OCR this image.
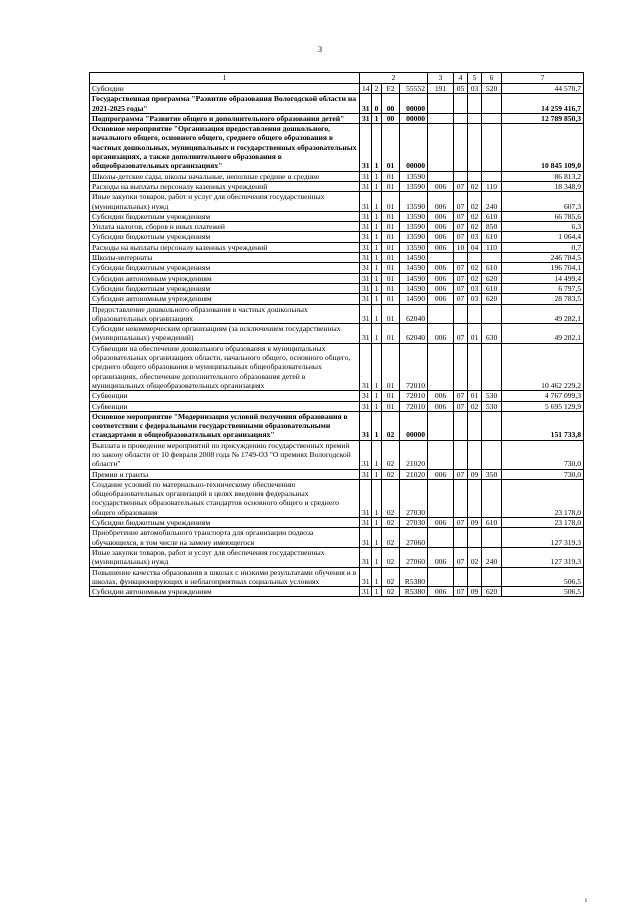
3
1	2				3	4	5	6	7
Субсидии	14	2	F2	55552	191	05	03	520	44 570,7
Государственная программа "Развитие образования Вологодской области на 2021-2025 годы"	31	0	00	00000					14 259 416,7
Подпрограмма "Развитие общего и дополнительного образования детей"	31	1	00	00000					12 789 850,3
Основное мероприятие "Организация предоставления дошкольного, начального общего, основного общего, среднего общего образования в частных дошкольных, муниципальных и государственных образовательных организациях, а также дополнительного образования в общеобразовательных организациях"	31	1	01	00000					10 845 109,0
Школы-детские сады, школы начальные, неполные средние и средние	31	1	01	13590					86 813,2
Расходы на выплаты персоналу казенных учреждений	31	1	01	13590	006	07	02	110	18 348,9
Иные закупки товаров, работ и услуг для обеспечения государственных (муниципальных) нужд	31	1	01	13590	006	07	02	240	607,3
Субсидии бюджетным учреждениям	31	1	01	13590	006	07	02	610	66 785,6
Уплата налогов, сборов и иных платежей	31	1	01	13590	006	07	02	850	6,3
Субсидии бюджетным учреждениям	31	1	01	13590	006	07	03	610	1 064,4
Расходы на выплаты персоналу казенных учреждений	31	1	01	13590	006	10	04	110	0,7
Школы-интернаты	31	1	01	14590					246 784,5
Субсидии бюджетным учреждениям	31	1	01	14590	006	07	02	610	196 704,1
Субсидии автономным учреждениям	31	1	01	14590	006	07	02	620	14 499,4
Субсидии бюджетным учреждениям	31	1	01	14590	006	07	03	610	6 797,5
Субсидии автономным учреждениям	31	1	01	14590	006	07	03	620	28 783,5
Предоставление дошкольного образования в частных дошкольных образовательных организациях	31	1	01	62040					49 282,1
Субсидии некоммерческим организациям (за исключением государственных (муниципальных) учреждений)	31	1	01	62040	006	07	01	630	49 282,1
Субвенции на обеспечение дошкольного образования в муниципальных образовательных организациях области, начального общего, основного общего, среднего общего образования в муниципальных общеобразовательных организациях, обеспечение дополнительного образования детей в муниципальных общеобразовательных организациях	31	1	01	72010					10 462 229,2
Субвенции	31	1	01	72010	006	07	01	530	4 767 099,3
Субвенции	31	1	01	72010	006	07	02	530	5 695 129,9
Основное мероприятие "Модернизация условий получения образования в соответствии с федеральными государственными образовательными стандартами в общеобразовательных организациях"	31	1	02	00000					151 733,8
Выплата и проведение мероприятий по присуждению государственных премий по закону области от 10 февраля 2008 года № 1749-ОЗ "О премиях Вологодской области"	31	1	02	21020					730,0
Премии и гранты	31	1	02	21020	006	07	09	350	730,0
Создание условий по материально-техническому обеспечению общеобразовательных организаций в целях введения федеральных государственных образовательных стандартов основного общего и среднего общего образования	31	1	02	27030					23 178,0
Субсидии бюджетным учреждениям	31	1	02	27030	006	07	09	610	23 178,0
Приобретение автомобильного транспорта для организации подвоза обучающихся, в том числе на замену имеющегося	31	1	02	27060					127 319,3
Иные закупки товаров, работ и услуг для обеспечения государственных (муниципальных) нужд	31	1	02	27060	006	07	02	240	127 319,3
Повышение качества образования в школах с низкими результатами обучения и в школах, функционирующих в неблагоприятных социальных условиях	31	1	02	R5380					506,5
Субсидии автономным учреждениям	31	1	02	R5380	006	07	09	620	506,5
ı
